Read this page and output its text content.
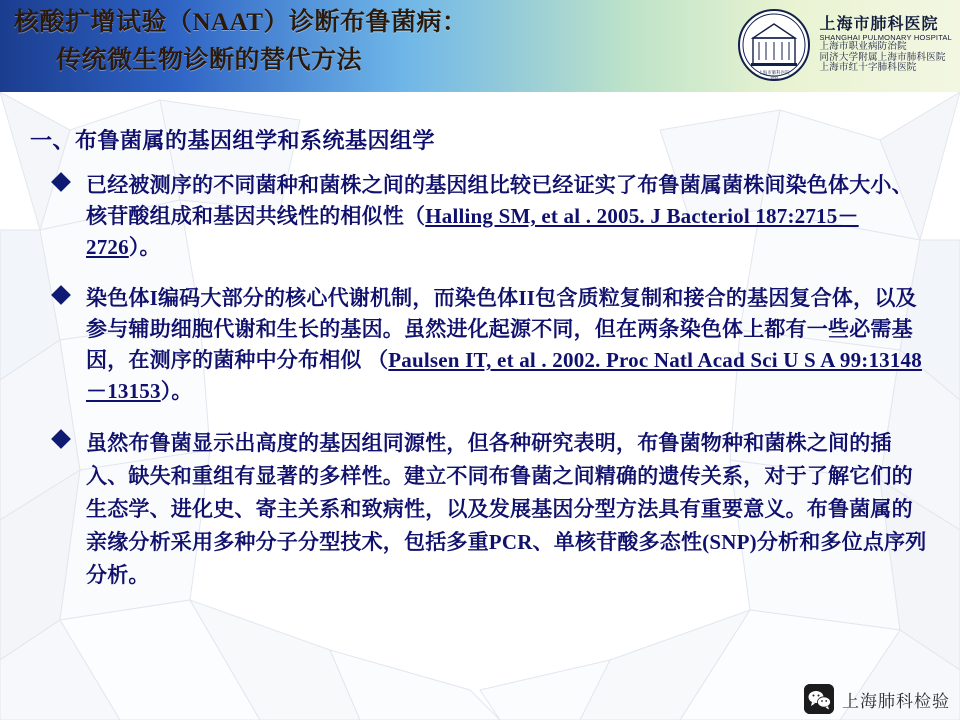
核酸扩增试验（NAAT）诊断布鲁菌病：
传统微生物诊断的替代方法	上海市肺科医院
1933
上海市肺科医院
SHANGHAI PULMONARY HOSPITAL
上海市职业病防治院
同济大学附属上海市肺科医院
上海市红十字肺科医院
一、布鲁菌属的基因组学和系统基因组学
已经被测序的不同菌种和菌株之间的基因组比较已经证实了布鲁菌属菌株间染色体大小、核苷酸组成和基因共线性的相似性（Halling SM, et al . 2005. J Bacteriol 187:2715－2726）。
染色体I编码大部分的核心代谢机制，而染色体II包含质粒复制和接合的基因复合体，以及参与辅助细胞代谢和生长的基因。虽然进化起源不同，但在两条染色体上都有一些必需基因，在测序的菌种中分布相似 （Paulsen IT, et al . 2002. Proc Natl Acad Sci U S A 99:13148 －13153）。
虽然布鲁菌显示出高度的基因组同源性，但各种研究表明，布鲁菌物种和菌株之间的插入、缺失和重组有显著的多样性。建立不同布鲁菌之间精确的遗传关系，对于了解它们的生态学、进化史、寄主关系和致病性，以及发展基因分型方法具有重要意义。布鲁菌属的亲缘分析采用多种分子分型技术，包括多重PCR、单核苷酸多态性(SNP)分析和多位点序列分析。
上海肺科检验
